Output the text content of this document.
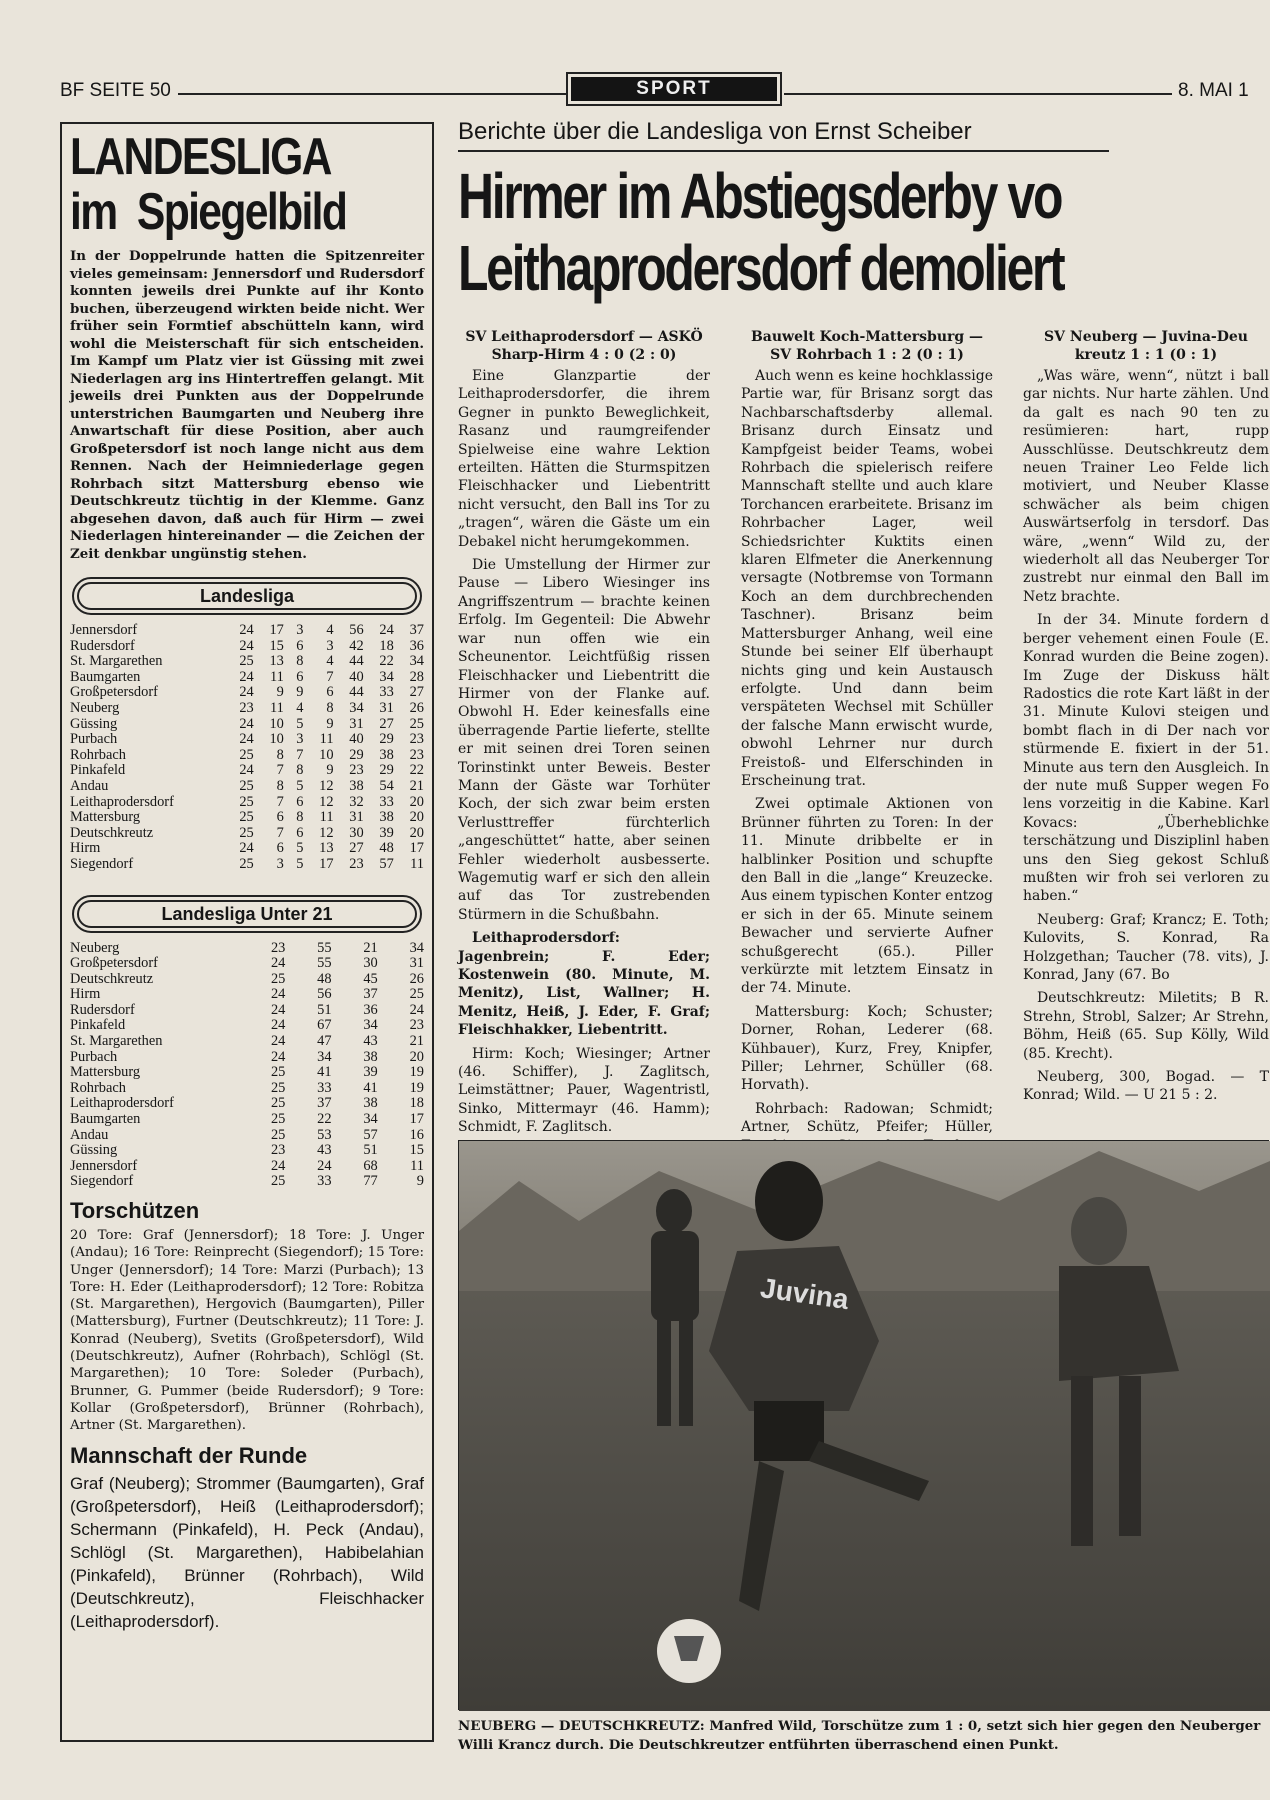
BF SEITE 50	SPORT	8. MAI 1
LANDESLIGA
im  Spiegelbild
In der Doppelrunde hatten die Spitzenreiter vieles gemeinsam: Jennersdorf und Rudersdorf konnten jeweils drei Punkte auf ihr Konto buchen, überzeugend wirkten beide nicht. Wer früher sein Formtief abschütteln kann, wird wohl die Meisterschaft für sich entscheiden. Im Kampf um Platz vier ist Güssing mit zwei Niederlagen arg ins Hintertreffen gelangt. Mit jeweils drei Punkten aus der Doppelrunde unterstrichen Baumgarten und Neuberg ihre Anwartschaft für diese Position, aber auch Großpetersdorf ist noch lange nicht aus dem Rennen. Nach der Heimniederlage gegen Rohrbach sitzt Mattersburg ebenso wie Deutschkreutz tüchtig in der Klemme. Ganz abgesehen davon, daß auch für Hirm — zwei Niederlagen hintereinander — die Zeichen der Zeit denkbar ungünstig stehen.
Landesliga
Jennersdorf	24	17	3	4	56	24	37
Rudersdorf	24	15	6	3	42	18	36
St. Margarethen	25	13	8	4	44	22	34
Baumgarten	24	11	6	7	40	34	28
Großpetersdorf	24	9	9	6	44	33	27
Neuberg	23	11	4	8	34	31	26
Güssing	24	10	5	9	31	27	25
Purbach	24	10	3	11	40	29	23
Rohrbach	25	8	7	10	29	38	23
Pinkafeld	24	7	8	9	23	29	22
Andau	25	8	5	12	38	54	21
Leithaprodersdorf	25	7	6	12	32	33	20
Mattersburg	25	6	8	11	31	38	20
Deutschkreutz	25	7	6	12	30	39	20
Hirm	24	6	5	13	27	48	17
Siegendorf	25	3	5	17	23	57	11
Landesliga Unter 21
Neuberg	23	55	21	34
Großpetersdorf	24	55	30	31
Deutschkreutz	25	48	45	26
Hirm	24	56	37	25
Rudersdorf	24	51	36	24
Pinkafeld	24	67	34	23
St. Margarethen	24	47	43	21
Purbach	24	34	38	20
Mattersburg	25	41	39	19
Rohrbach	25	33	41	19
Leithaprodersdorf	25	37	38	18
Baumgarten	25	22	34	17
Andau	25	53	57	16
Güssing	23	43	51	15
Jennersdorf	24	24	68	11
Siegendorf	25	33	77	9
Torschützen
20 Tore: Graf (Jennersdorf); 18 Tore: J. Unger (Andau); 16 Tore: Reinprecht (Siegendorf); 15 Tore: Unger (Jennersdorf); 14 Tore: Marzi (Purbach); 13 Tore: H. Eder (Leithaprodersdorf); 12 Tore: Robitza (St. Margarethen), Hergovich (Baumgarten), Piller (Mattersburg), Furtner (Deutschkreutz); 11 Tore: J. Konrad (Neuberg), Svetits (Großpetersdorf), Wild (Deutschkreutz), Aufner (Rohrbach), Schlögl (St. Margarethen); 10 Tore: Soleder (Purbach), Brunner, G. Pummer (beide Rudersdorf); 9 Tore: Kollar (Großpetersdorf), Brünner (Rohrbach), Artner (St. Margarethen).
Mannschaft der Runde
Graf (Neuberg); Strommer (Baumgarten), Graf (Großpetersdorf), Heiß (Leithaprodersdorf); Schermann (Pinkafeld), H. Peck (Andau), Schlögl (St. Margarethen), Habibelahian (Pinkafeld), Brünner (Rohrbach), Wild (Deutschkreutz), Fleischhacker (Leithaprodersdorf).
Berichte über die Landesliga von Ernst Scheiber
Hirmer im Abstiegsderby vo
Leithaprodersdorf demoliert
SV Leithaprodersdorf — ASKÖ Sharp-Hirm 4 : 0 (2 : 0)

Eine Glanzpartie der Leithaprodersdorfer, die ihrem Gegner in punkto Beweglichkeit, Rasanz und raumgreifender Spielweise eine wahre Lektion erteilten. Hätten die Sturmspitzen Fleischhacker und Liebentritt nicht versucht, den Ball ins Tor zu „tragen“, wären die Gäste um ein Debakel nicht herumgekommen.

Die Umstellung der Hirmer zur Pause — Libero Wiesinger ins Angriffszentrum — brachte keinen Erfolg. Im Gegenteil: Die Abwehr war nun offen wie ein Scheunentor. Leichtfüßig rissen Fleischhacker und Liebentritt die Hirmer von der Flanke auf. Obwohl H. Eder keinesfalls eine überragende Partie lieferte, stellte er mit seinen drei Toren seinen Torinstinkt unter Beweis. Bester Mann der Gäste war Torhüter Koch, der sich zwar beim ersten Verlusttreffer fürchterlich „angeschüttet“ hatte, aber seinen Fehler wiederholt ausbesserte. Wagemutig warf er sich den allein auf das Tor zustrebenden Stürmern in die Schußbahn.

Leithaprodersdorf: Jagenbrein; F. Eder; Kostenwein (80. Minute, M. Menitz), List, Wallner; H. Menitz, Heiß, J. Eder, F. Graf; Fleischhakker, Liebentritt.

Hirm: Koch; Wiesinger; Artner (46. Schiffer), J. Zaglitsch, Leimstättner; Pauer, Wagentristl, Sinko, Mittermayr (46. Hamm); Schmidt, F. Zaglitsch.

Bauwelt Koch-Mattersburg — SV Rohrbach 1 : 2 (0 : 1)

Auch wenn es keine hochklassige Partie war, für Brisanz sorgt das Nachbarschaftsderby allemal. Brisanz durch Einsatz und Kampfgeist beider Teams, wobei Rohrbach die spielerisch reifere Mannschaft stellte und auch klare Torchancen erarbeitete. Brisanz im Rohrbacher Lager, weil Schiedsrichter Kuktits einen klaren Elfmeter die Anerkennung versagte (Notbremse von Tormann Koch an dem durchbrechenden Taschner). Brisanz beim Mattersburger Anhang, weil eine Stunde bei seiner Elf überhaupt nichts ging und kein Austausch erfolgte. Und dann beim verspäteten Wechsel mit Schüller der falsche Mann erwischt wurde, obwohl Lehrner nur durch Freistoß- und Elferschinden in Erscheinung trat.

Zwei optimale Aktionen von Brünner führten zu Toren: In der 11. Minute dribbelte er in halblinker Position und schupfte den Ball in die „lange“ Kreuzecke. Aus einem typischen Konter entzog er sich in der 65. Minute seinem Bewacher und servierte Aufner schußgerecht (65.). Piller verkürzte mit letztem Einsatz in der 74. Minute.

Mattersburg: Koch; Schuster; Dorner, Rohan, Lederer (68. Kühbauer), Kurz, Frey, Knipfer, Piller; Lehrner, Schüller (68. Horvath).

Rohrbach: Radowan; Schmidt; Artner, Schütz, Pfeifer; Hüller,

SV Neuberg — Juvina-Deu kreutz 1 : 1 (0 : 1)

„Was wäre, wenn“, nützt i ball gar nichts. Nur harte zählen. Und da galt es nach 90 ten zu resümieren: hart, rupp Ausschlüsse. Deutschkreutz dem neuen Trainer Leo Felde lich motiviert, und Neuber Klasse schwächer als beim chigen Auswärtserfolg in tersdorf. Das wäre, „wenn“ Wild zu, der wiederholt all das Neuberger Tor zustrebt nur einmal den Ball im Netz brachte.

In der 34. Minute fordern d berger vehement einen Foule (E. Konrad wurden die Beine zogen). Im Zuge der Diskuss hält Radostics die rote Kart läßt in der 31. Minute Kulovi steigen und bombt flach in di Der nach vor stürmende E. fixiert in der 51. Minute aus tern den Ausgleich. In der nute muß Supper wegen Fo lens vorzeitig in die Kabine. Karl Kovacs: „Überheblichke terschätzung und Disziplinl haben uns den Sieg gekost Schluß mußten wir froh sei verloren zu haben.“

Neuberg: Graf; Krancz; E. Toth; Kulovits, S. Konrad, Ra Holzgethan; Taucher (78. vits), J. Konrad, Jany (67. Bo

Deutschkreutz: Miletits; B R. Strehn, Strobl, Salzer; Ar Strehn, Böhm, Heiß (65. Sup Kölly, Wild (85. Krecht).

Neuberg, 300, Bogad. — T Konrad; Wild. — U 21 5 : 2.

Juvina
NEUBERG — DEUTSCHKREUTZ: Manfred Wild, Torschütze zum 1 : 0, setzt sich hier gegen den Neuberger
Willi Krancz durch. Die Deutschkreutzer entführten überraschend einen Punkt.
